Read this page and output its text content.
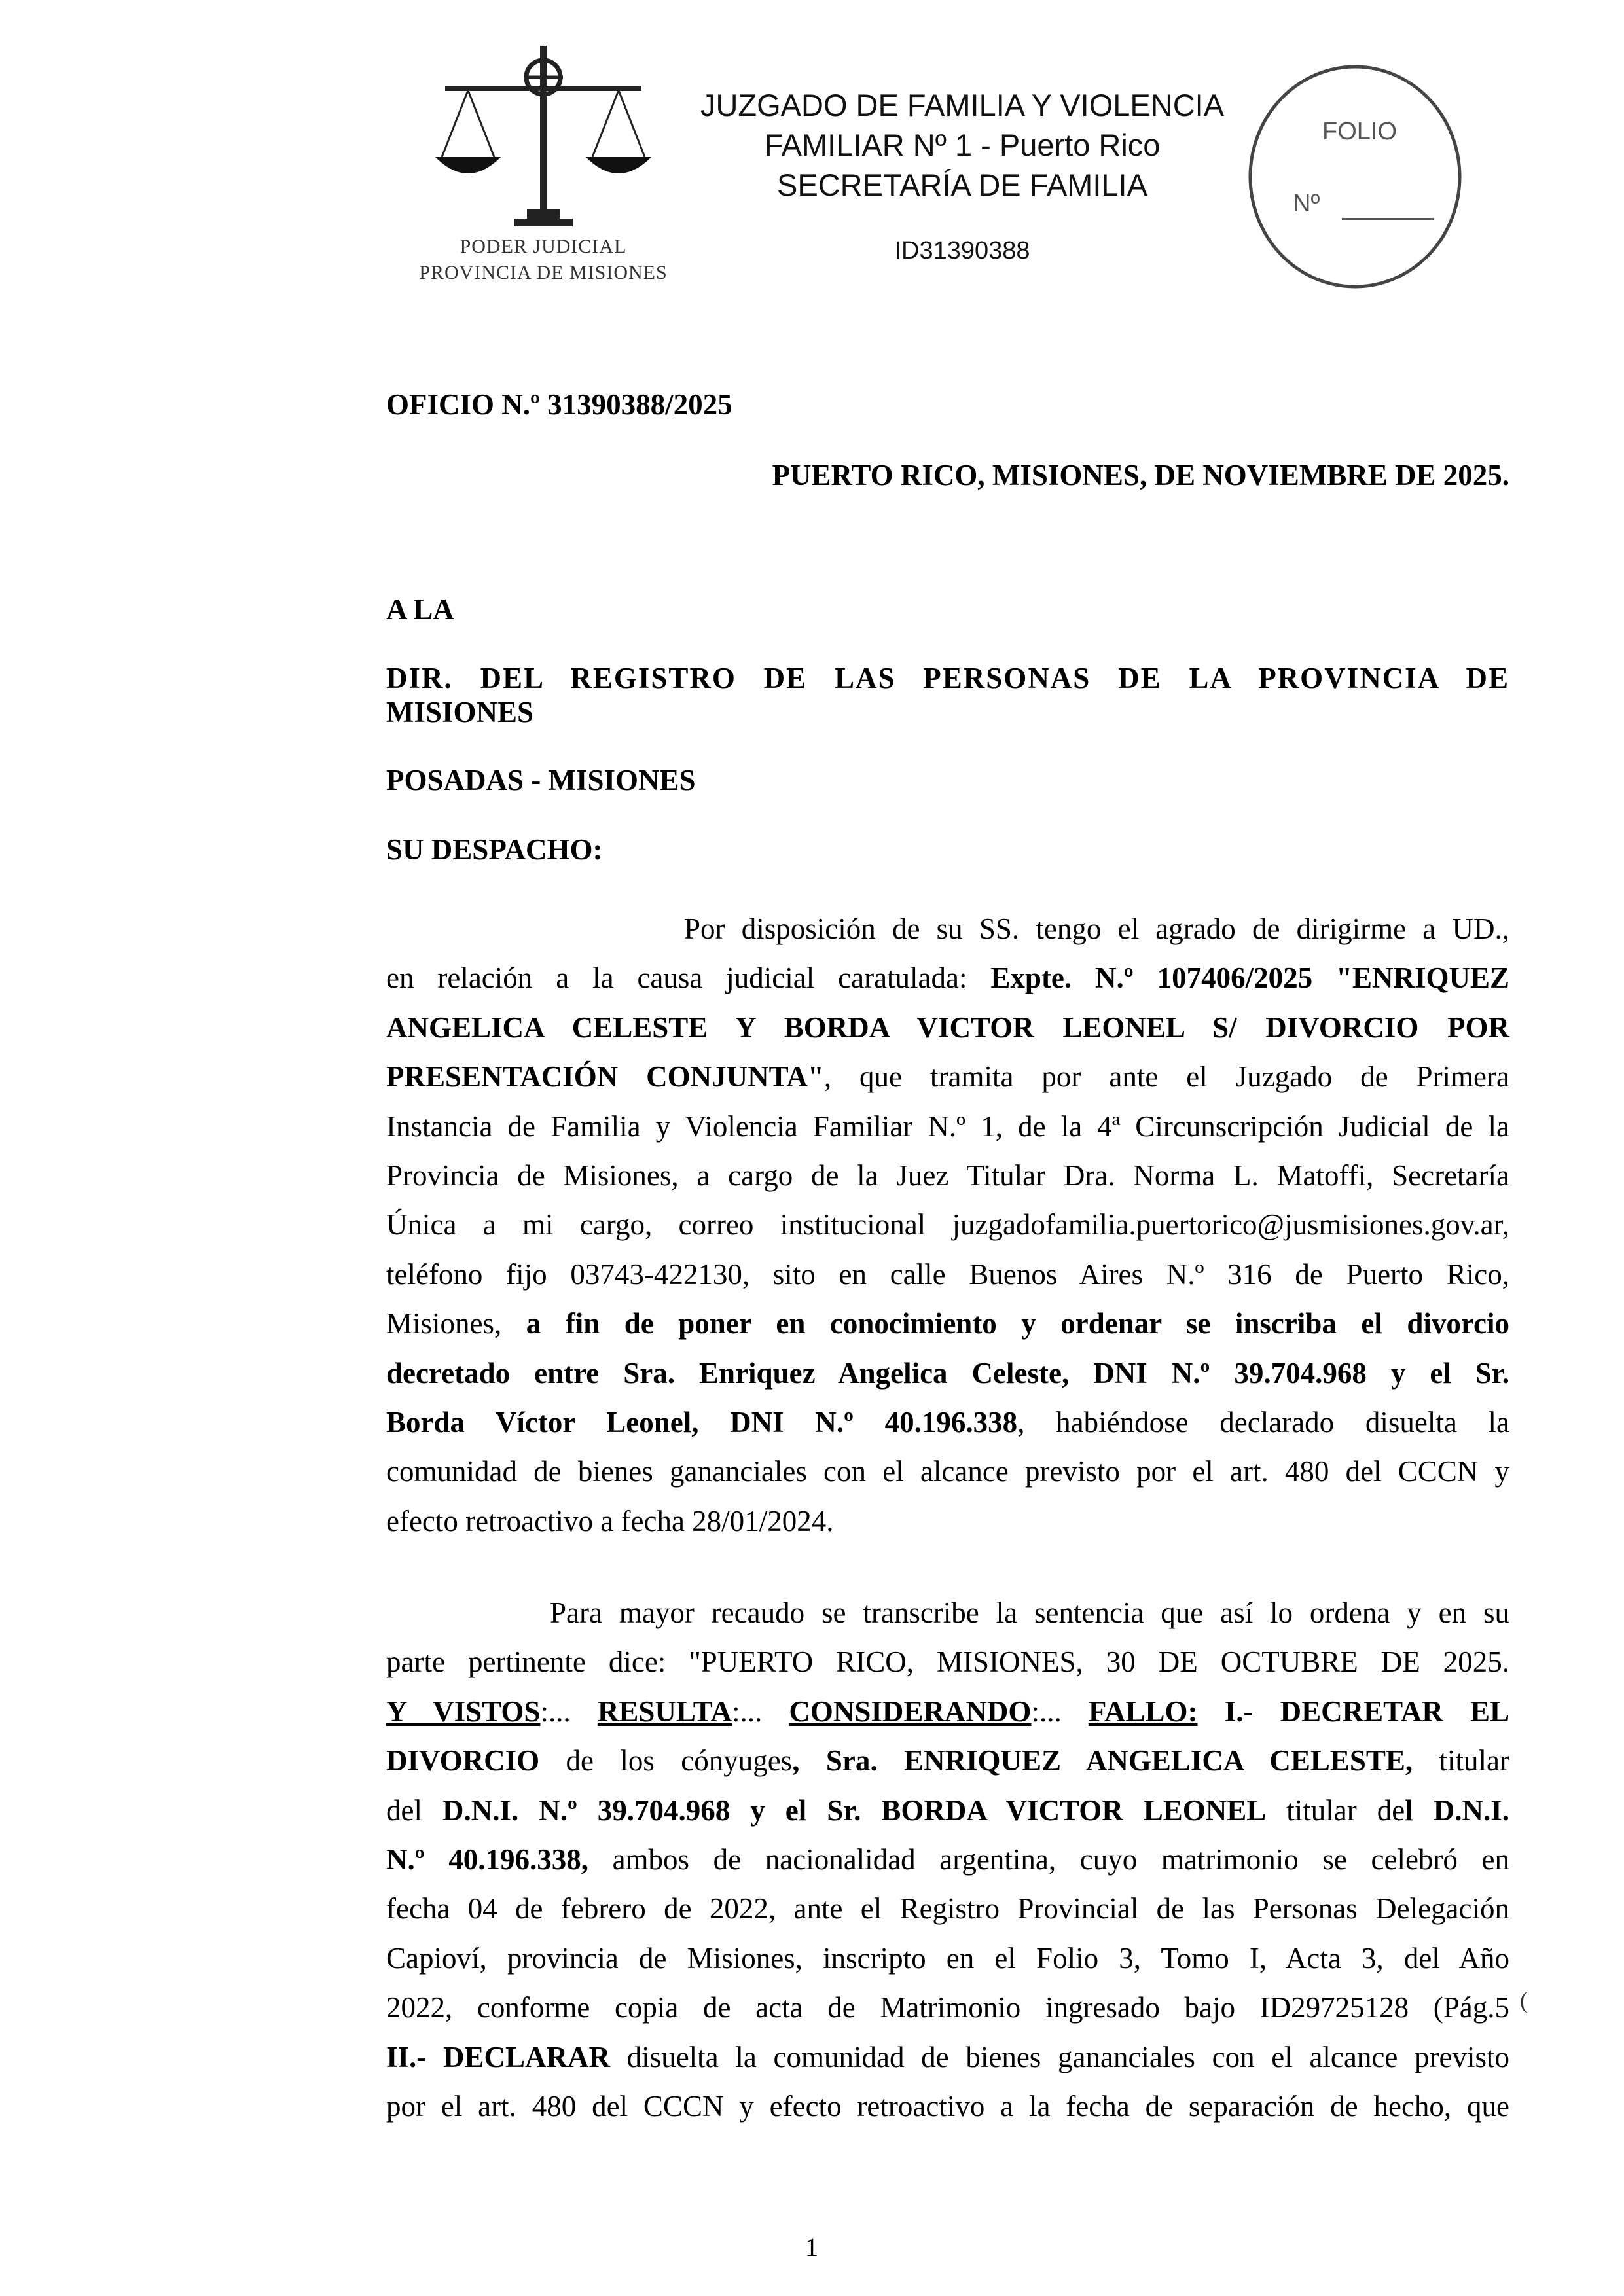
PODER JUDICIAL
PROVINCIA DE MISIONES
JUZGADO DE FAMILIA Y VIOLENCIA
FAMILIAR Nº 1 - Puerto Rico
SECRETARÍA DE FAMILIA
ID31390388
FOLIO
Nº
OFICIO N.º 31390388/2025
PUERTO RICO, MISIONES, DE NOVIEMBRE DE 2025.
A LA
DIR. DEL REGISTRO DE LAS PERSONAS DE LA PROVINCIA DE
MISIONES
POSADAS - MISIONES
SU DESPACHO:
Por disposición de su SS. tengo el agrado de dirigirme a UD.,
en relación a la causa judicial caratulada: Expte. N.º 107406/2025 "ENRIQUEZ
ANGELICA CELESTE Y BORDA VICTOR LEONEL S/ DIVORCIO POR
PRESENTACIÓN CONJUNTA", que tramita por ante el Juzgado de Primera
Instancia de Familia y Violencia Familiar N.º 1, de la 4ª Circunscripción Judicial de la
Provincia de Misiones, a cargo de la Juez Titular Dra. Norma L. Matoffi, Secretaría
Única a mi cargo, correo institucional juzgadofamilia.puertorico@jusmisiones.gov.ar,
teléfono fijo 03743-422130, sito en calle Buenos Aires N.º 316 de Puerto Rico,
Misiones, a fin de poner en conocimiento y ordenar se inscriba el divorcio
decretado entre Sra. Enriquez Angelica Celeste, DNI N.º 39.704.968 y el Sr.
Borda Víctor Leonel, DNI N.º 40.196.338, habiéndose declarado disuelta la
comunidad de bienes gananciales con el alcance previsto por el art. 480 del CCCN y
efecto retroactivo a fecha 28/01/2024.
Para mayor recaudo se transcribe la sentencia que así lo ordena y en su
parte pertinente dice: "PUERTO RICO, MISIONES, 30 DE OCTUBRE DE 2025.
Y VISTOS:... RESULTA:... CONSIDERANDO:... FALLO: I.- DECRETAR EL
DIVORCIO de los cónyuges, Sra. ENRIQUEZ ANGELICA CELESTE, titular
del D.N.I. N.º 39.704.968 y el Sr. BORDA VICTOR LEONEL titular del D.N.I.
N.º 40.196.338, ambos de nacionalidad argentina, cuyo matrimonio se celebró en
fecha 04 de febrero de 2022, ante el Registro Provincial de las Personas Delegación
Capioví, provincia de Misiones, inscripto en el Folio 3, Tomo I, Acta 3, del Año
2022, conforme copia de acta de Matrimonio ingresado bajo ID29725128 (Pág.5
II.- DECLARAR disuelta la comunidad de bienes gananciales con el alcance previsto
por el art. 480 del CCCN y efecto retroactivo a la fecha de separación de hecho, que
(
1
